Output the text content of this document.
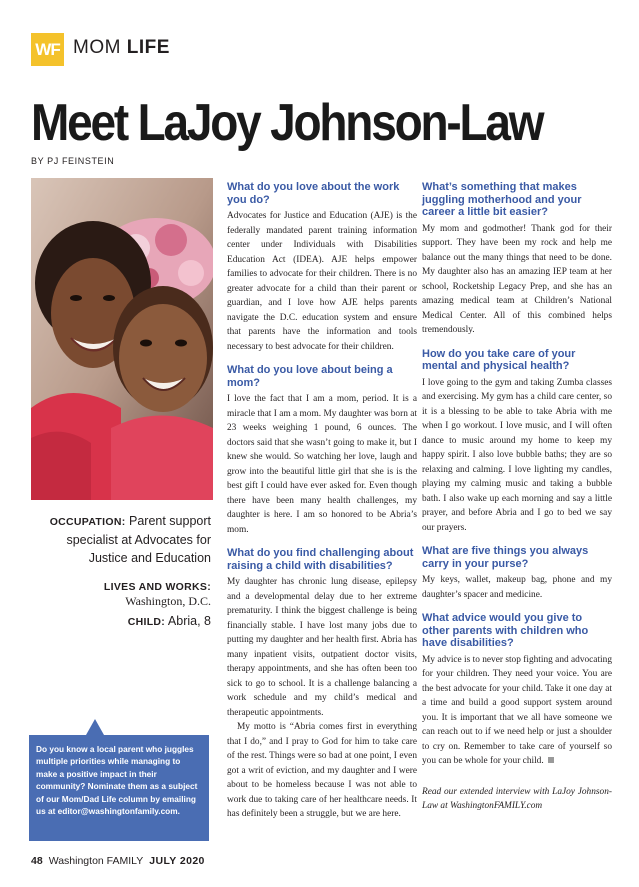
WF MOM LIFE
Meet LaJoy Johnson-Law
BY PJ FEINSTEIN
OCCUPATION: Parent support specialist at Advocates for Justice and Education
LIVES AND WORKS:
Washington, D.C.
CHILD: Abria, 8
Do you know a local parent who juggles multiple priorities while managing to make a positive impact in their community? Nominate them as a subject of our Mom/Dad Life column by emailing us at editor@washingtonfamily.com.
What do you love about the work you do?

Advocates for Justice and Education (AJE) is the federally mandated parent training information center under Individuals with Disabilities Education Act (IDEA). AJE helps empower families to advocate for their children. There is no greater advocate for a child than their parent or guardian, and I love how AJE helps parents navigate the D.C. education system and ensure that parents have the information and tools necessary to best advocate for their children.

What do you love about being a mom?

I love the fact that I am a mom, period. It is a miracle that I am a mom. My daughter was born at 23 weeks weighing 1 pound, 6 ounces. The doctors said that she wasn’t going to make it, but I knew she would. So watching her love, laugh and grow into the beautiful little girl that she is is the best gift I could have ever asked for. Even though there have been many health challenges, my daughter is here. I am so honored to be Abria’s mom.

What do you find challenging about raising a child with disabilities?

My daughter has chronic lung disease, epilepsy and a developmental delay due to her extreme prematurity. I think the biggest challenge is being financially stable. I have lost many jobs due to putting my daughter and her health first. Abria has many inpatient visits, outpatient doctor visits, therapy appointments, and she has often been too sick to go to school. It is a challenge balancing a work schedule and my child’s medical and therapeutic appointments.

My motto is “Abria comes first in everything that I do,” and I pray to God for him to take care of the rest. Things were so bad at one point, I even got a writ of eviction, and my daughter and I were about to be homeless because I was not able to work due to taking care of her healthcare needs. It has definitely been a struggle, but we are here.

What’s something that makes juggling motherhood and your career a little bit easier?

My mom and godmother! Thank god for their support. They have been my rock and help me balance out the many things that need to be done. My daughter also has an amazing IEP team at her school, Rocketship Legacy Prep, and she has an amazing medical team at Children’s National Medical Center. All of this combined helps tremendously.

How do you take care of your mental and physical health?

I love going to the gym and taking Zumba classes and exercising. My gym has a child care center, so it is a blessing to be able to take Abria with me when I go workout. I love music, and I will often dance to music around my home to keep my happy spirit. I also love bubble baths; they are so relaxing and calming. I love lighting my candles, playing my calming music and taking a bubble bath. I also wake up each morning and say a little prayer, and before Abria and I go to bed we say our prayers.

What are five things you always carry in your purse?

My keys, wallet, makeup bag, phone and my daughter’s spacer and medicine.

What advice would you give to other parents with children who have disabilities?

My advice is to never stop fighting and advocating for your children. They need your voice. You are the best advocate for your child. Take it one day at a time and build a good support system around you. It is important that we all have someone we can reach out to if we need help or just a shoulder to cry on. Remember to take care of yourself so you can be whole for your child.

Read our extended interview with LaJoy Johnson-Law at WashingtonFAMILY.com

48 Washington FAMILY JULY 2020
